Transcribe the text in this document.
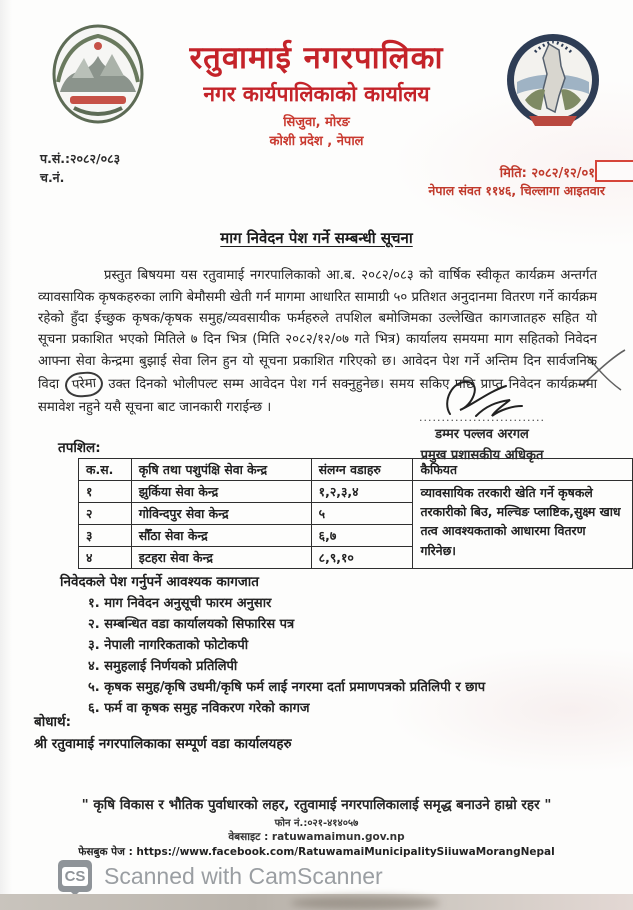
रतुवामाई नगरपालिका
नगर कार्यपालिकाको कार्यालय
सिजुवा, मोरङ
कोशी प्रदेश , नेपाल
प.सं.:२०८२/०८३
च.नं.	मिति: २०८२/१२/०१
नेपाल संवत ११४६, चिल्लागा आइतवार
माग निवेदन पेश गर्ने सम्बन्धी सूचना

प्रस्तुत बिषयमा यस रतुवामाई नगरपालिकाको आ.ब. २०८२/०८३ को वार्षिक स्वीकृत कार्यक्रम अन्तर्गत व्यावसायिक कृषकहरुका लागि बेमौसमी खेती गर्न मागमा आधारित सामाग्री ५० प्रतिशत अनुदानमा वितरण गर्ने कार्यक्रम रहेको हुँदा ईच्छुक कृषक/कृषक समुह/व्यवसायीक फर्महरुले तपशिल बमोजिमका उल्लेखित कागजातहरु सहित यो सूचना प्रकाशित भएको मितिले ७ दिन भित्र (मिति २०८२/१२/०७ गते भित्र) कार्यालय समयमा माग सहितको निवेदन आफ्ना सेवा केन्द्रमा बुझाई सेवा लिन हुन यो सूचना प्रकाशित गरिएको छ। आवेदन पेश गर्ने अन्तिम दिन सार्वजनिक विदा परेमा उक्त दिनको भोलीपल्ट सम्म आवेदन पेश गर्न सक्नुहुनेछ। समय सकिए पछि प्राप्त निवेदन कार्यक्रममा समावेश नहुने यसै सूचना बाट जानकारी गराईन्छ ।

............................
डम्मर पल्लव अरगल
प्रमुख प्रशासकीय अधिकृत
तपशिल:
क.स.	कृषि तथा पशुपंक्षि सेवा केन्द्र	संलग्न वडाहरु	कैफियत
१	झुर्किया सेवा केन्द्र	१,२,३,४	व्यावसायिक तरकारी खेति गर्ने कृषकले तरकारीको बिउ, मल्चिङ प्लाष्टिक,सुक्ष्म खाध तत्व आवश्यकताको आधारमा वितरण गरिनेछ।
२	गोविन्दपुर सेवा केन्द्र	५	
३	सौँठा सेवा केन्द्र	६,७	
४	इटहरा सेवा केन्द्र	८,९,१०	
निवेदकले पेश गर्नुपर्ने आवश्यक कागजात
१. माग निवेदन अनुसूची फारम अनुसार
२. सम्बन्धित वडा कार्यालयको सिफारिस पत्र
३. नेपाली नागरिकताको फोटोकपी
४. समुहलाई निर्णयको प्रतिलिपी
५. कृषक समुह/कृषि उधमी/कृषि फर्म लाई नगरमा दर्ता प्रमाणपत्रको प्रतिलिपी र छाप
६. फर्म वा कृषक समुह नविकरण गरेको कागज
बोधार्थ:
श्री रतुवामाई नगरपालिकाका सम्पूर्ण वडा कार्यालयहरु
" कृषि विकास र भौतिक पुर्वाधारको लहर, रतुवामाई नगरपालिकालाई समृद्ध बनाउने हाम्रो रहर "
फोन नं.:०२१-४१४०५७
वेबसाइट : ratuwamaimun.gov.np
फेसबुक पेज : https://www.facebook.com/RatuwamaiMunicipalitySiiuwaMorangNepal
CS Scanned with CamScanner
